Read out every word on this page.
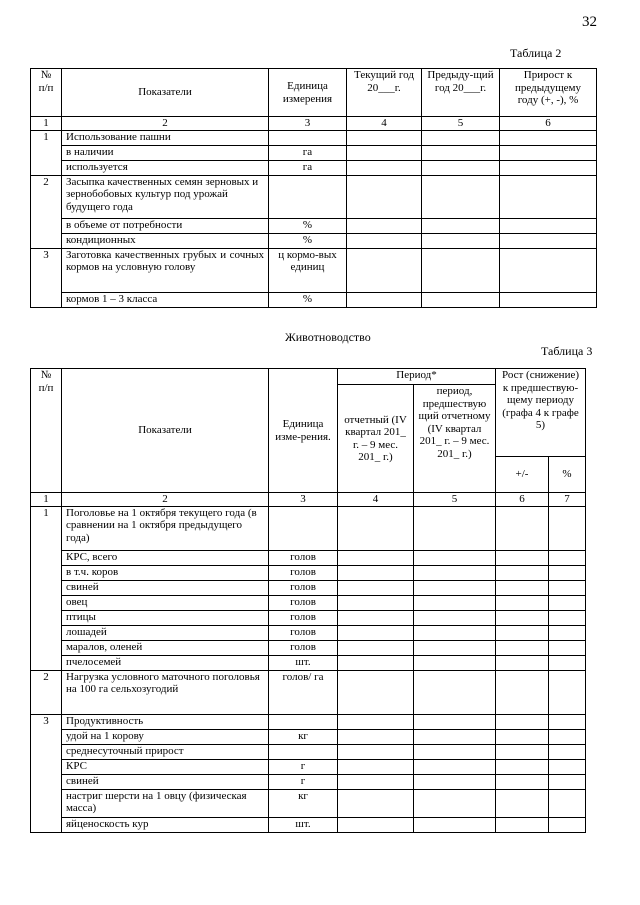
32
Таблица 2
№ п/п	Показатели	Единица измерения	Текущий год 20___г.	Предыду-щий год 20___г.	Прирост к предыдущему году (+, -), %
1	2	3	4	5	6
1	Использование пашни				
	в наличии	га			
	используется	га			
2	Засыпка качественных семян зерновых и зернобобовых культур под урожай будущего года				
	в объеме от потребности	%			
	кондиционных	%			
3	Заготовка качественных грубых и сочных кормов на условную голову	ц кормо-вых единиц			
	кормов 1 – 3 класса	%			
Животноводство
Таблица 3
№ п/п	Показатели	Единица изме-рения.	Период*		Рост (снижение) к предшествую-щему периоду (графа 4 к графе 5)	
			отчетный (IV квартал 201_ г. – 9 мес. 201_ г.)	период, предшествую щий отчетному (IV квартал 201_ г. – 9 мес. 201_ г.)		
					+/-	%
1	2	3	4	5	6	7
1	Поголовье на 1 октября текущего года (в сравнении на 1 октября предыдущего года)					
	КРС, всего	голов				
	в т.ч. коров	голов				
	свиней	голов				
	овец	голов				
	птицы	голов				
	лошадей	голов				
	маралов, оленей	голов				
	пчелосемей	шт.				
2	Нагрузка условного маточного поголовья на 100 га сельхозугодий	голов/ га				
3	Продуктивность					
	удой на 1 корову	кг				
	среднесуточный прирост					
	КРС	г				
	свиней	г				
	настриг шерсти на 1 овцу (физическая масса)	кг				
	яйценоскость кур	шт.				
